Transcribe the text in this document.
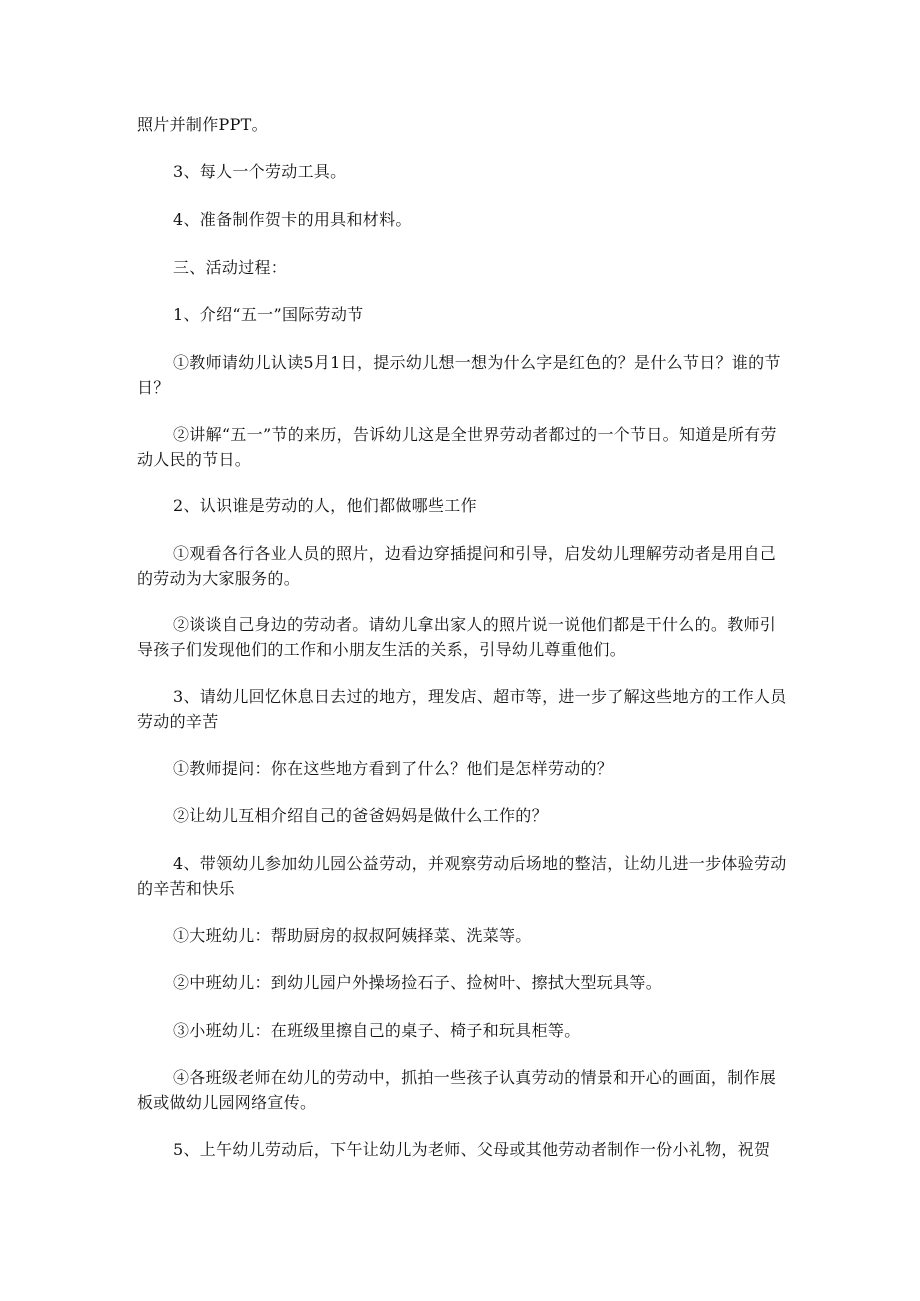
照片并制作PPT。

3、每人一个劳动工具。

4、准备制作贺卡的用具和材料。

三、活动过程：

1、介绍“五一”国际劳动节

①教师请幼儿认读5月1日，提示幼儿想一想为什么字是红色的？是什么节日？谁的节日？

②讲解“五一”节的来历，告诉幼儿这是全世界劳动者都过的一个节日。知道是所有劳动人民的节日。

2、认识谁是劳动的人，他们都做哪些工作

①观看各行各业人员的照片，边看边穿插提问和引导，启发幼儿理解劳动者是用自己的劳动为大家服务的。

②谈谈自己身边的劳动者。请幼儿拿出家人的照片说一说他们都是干什么的。教师引导孩子们发现他们的工作和小朋友生活的关系，引导幼儿尊重他们。

3、请幼儿回忆休息日去过的地方，理发店、超市等，进一步了解这些地方的工作人员劳动的辛苦

①教师提问：你在这些地方看到了什么？他们是怎样劳动的？

②让幼儿互相介绍自己的爸爸妈妈是做什么工作的？

4、带领幼儿参加幼儿园公益劳动，并观察劳动后场地的整洁，让幼儿进一步体验劳动的辛苦和快乐

①大班幼儿：帮助厨房的叔叔阿姨择菜、洗菜等。

②中班幼儿：到幼儿园户外操场捡石子、捡树叶、擦拭大型玩具等。

③小班幼儿：在班级里擦自己的桌子、椅子和玩具柜等。

④各班级老师在幼儿的劳动中，抓拍一些孩子认真劳动的情景和开心的画面，制作展板或做幼儿园网络宣传。

5、上午幼儿劳动后，下午让幼儿为老师、父母或其他劳动者制作一份小礼物，祝贺
